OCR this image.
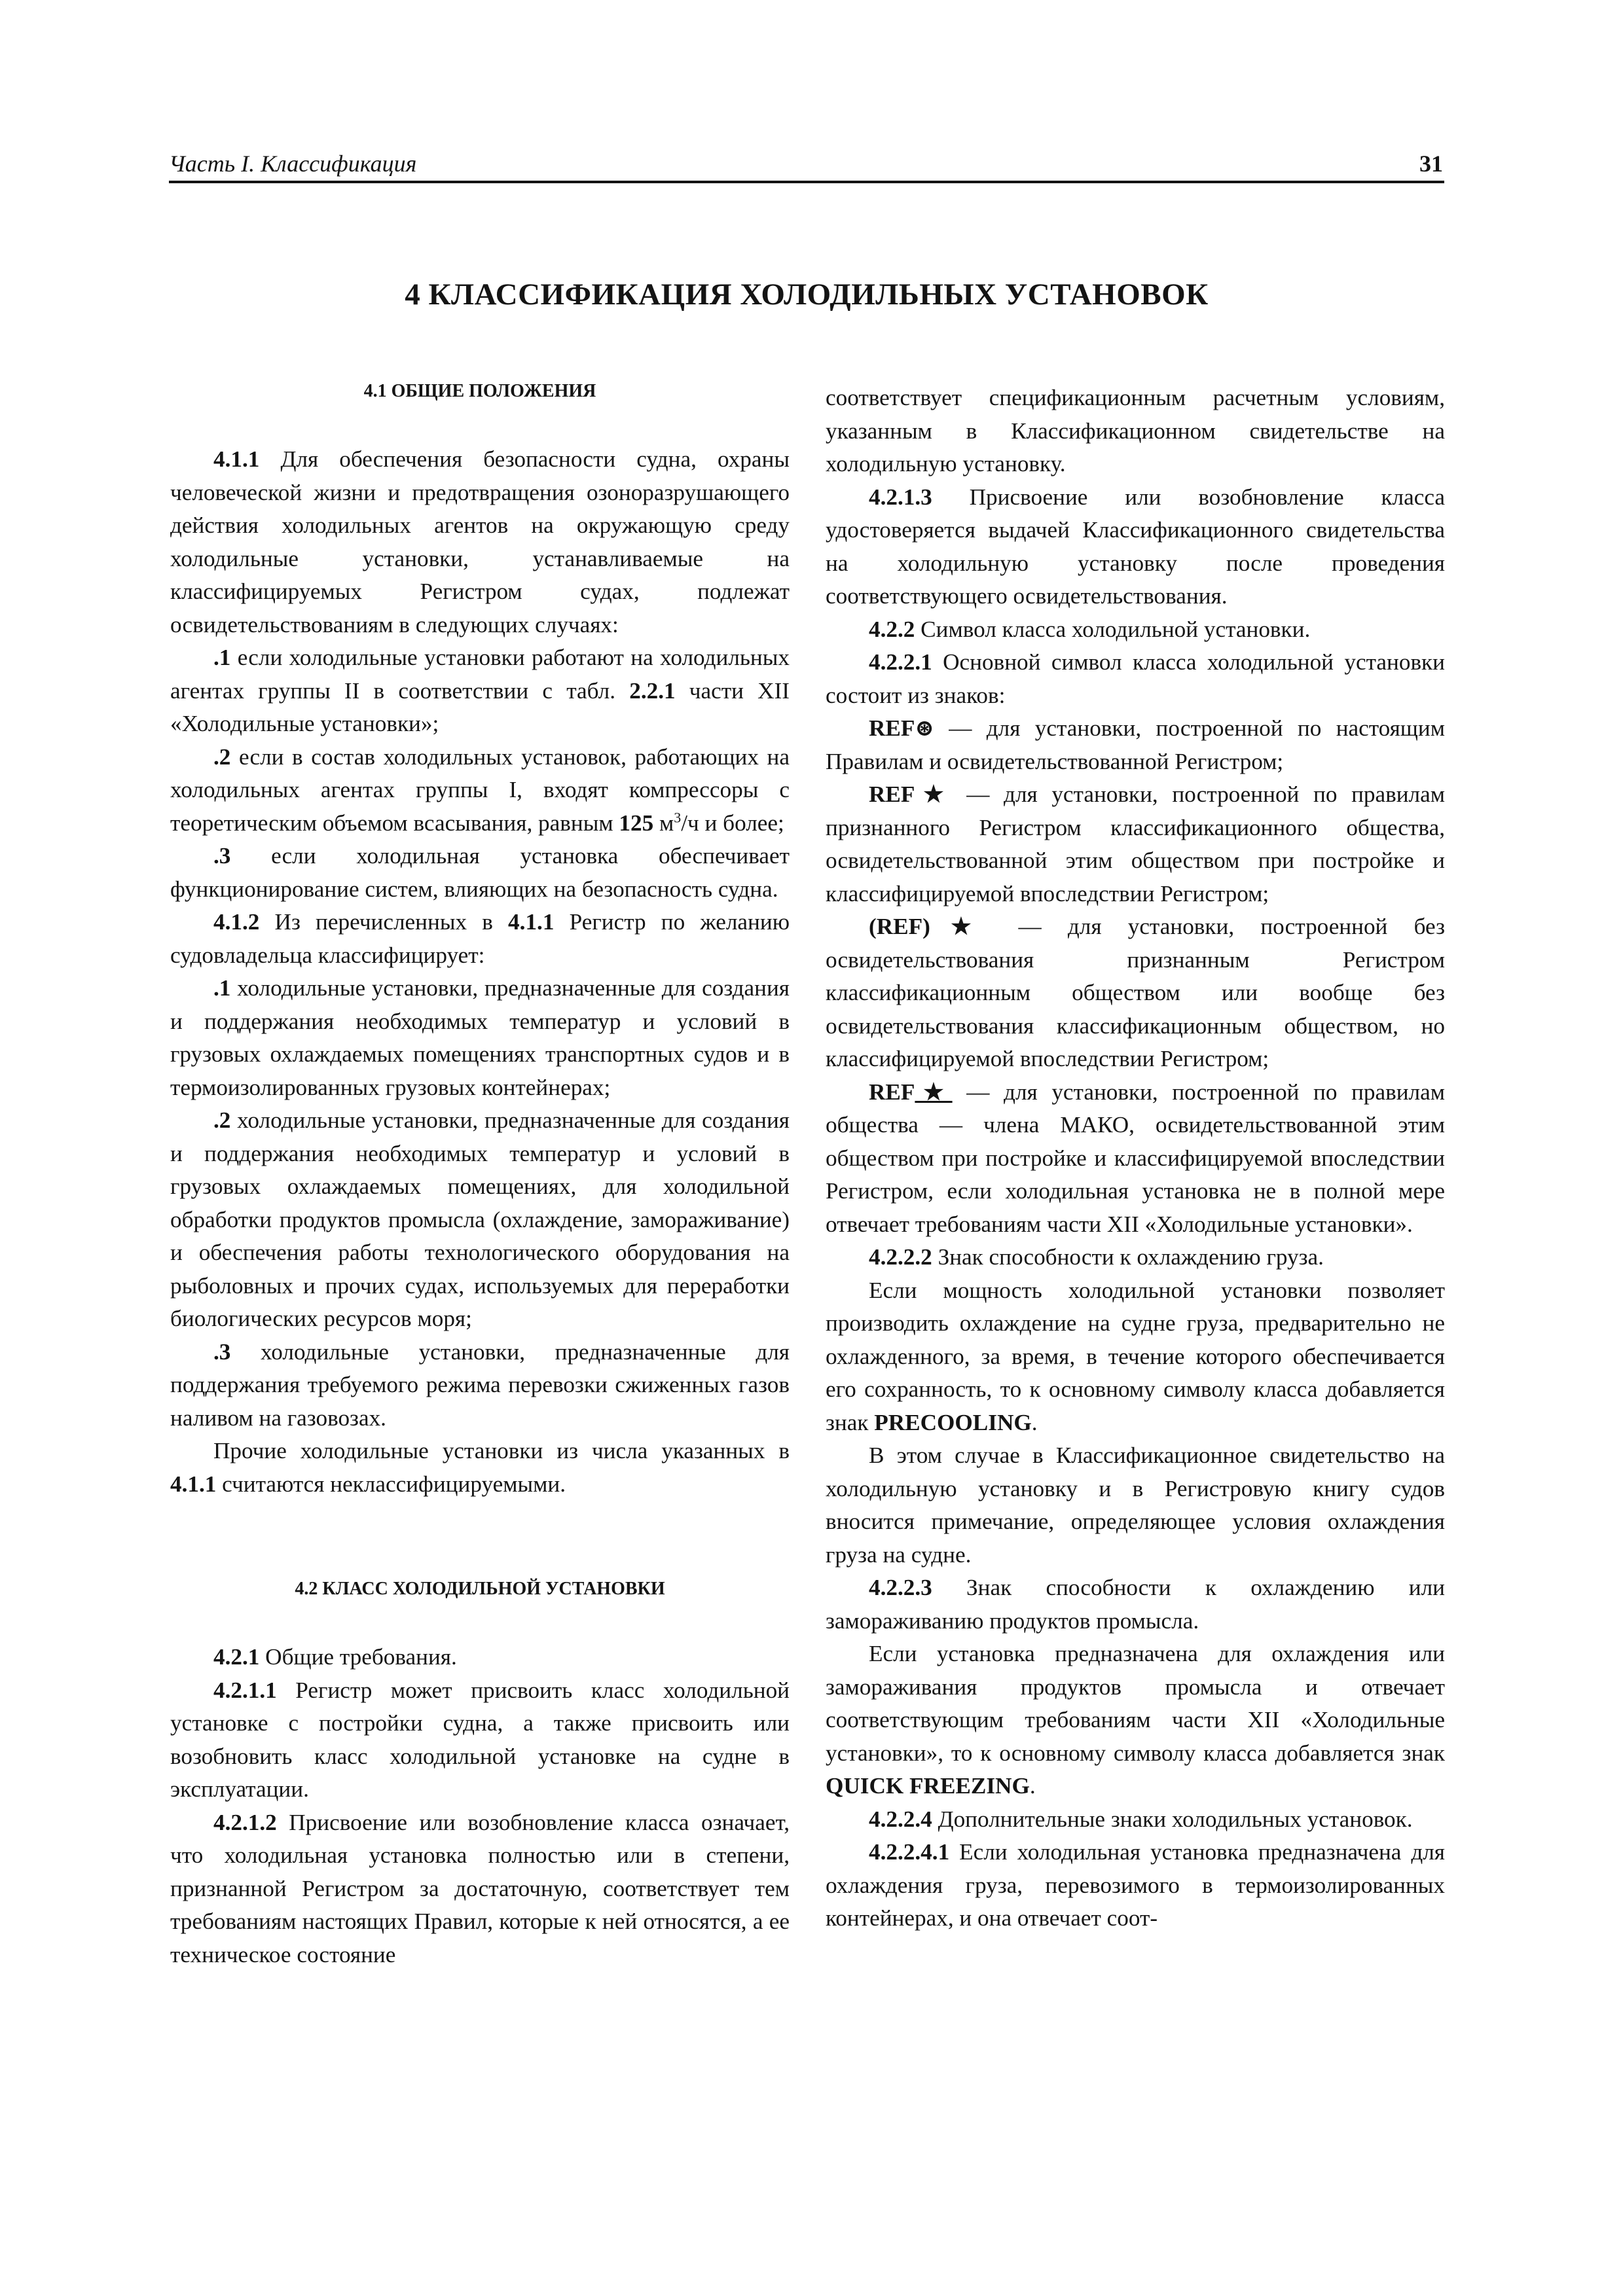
Часть I. Классификация	31
4 КЛАССИФИКАЦИЯ ХОЛОДИЛЬНЫХ УСТАНОВОК
4.1 ОБЩИЕ ПОЛОЖЕНИЯ

4.1.1 Для обеспечения безопасности судна, охраны человеческой жизни и предотвращения озоноразрушающего действия холодильных агентов на окружающую среду холодильные установки, устанавливаемые на классифицируемых Регистром судах, подлежат освидетельствованиям в следующих случаях:

.1 если холодильные установки работают на холодильных агентах группы II в соответствии с табл. 2.2.1 части XII «Холодильные установки»;

.2 если в состав холодильных установок, работающих на холодильных агентах группы I, входят компрессоры с теоретическим объемом всасывания, равным 125 $м^3/ч$ и более;

.3 если холодильная установка обеспечивает функционирование систем, влияющих на безопасность судна.

4.1.2 Из перечисленных в 4.1.1 Регистр по желанию судовладельца классифицирует:

.1 холодильные установки, предназначенные для создания и поддержания необходимых температур и условий в грузовых охлаждаемых помещениях транспортных судов и в термоизолированных грузовых контейнерах;

.2 холодильные установки, предназначенные для создания и поддержания необходимых температур и условий в грузовых охлаждаемых помещениях, для холодильной обработки продуктов промысла (охлаждение, замораживание) и обеспечения работы технологического оборудования на рыболовных и прочих судах, используемых для переработки биологических ресурсов моря;

.3 холодильные установки, предназначенные для поддержания требуемого режима перевозки сжиженных газов наливом на газовозах.

Прочие холодильные установки из числа указанных в 4.1.1 считаются неклассифицируемыми.

4.2 КЛАСС ХОЛОДИЛЬНОЙ УСТАНОВКИ

4.2.1 Общие требования.

4.2.1.1 Регистр может присвоить класс холодильной установке с постройки судна, а также присвоить или возобновить класс холодильной установке на судне в эксплуатации.

4.2.1.2 Присвоение или возобновление класса означает, что холодильная установка полностью или в степени, признанной Регистром за достаточную, соответствует тем требованиям настоящих Правил, которые к ней относятся, а ее техническое состояние

соответствует спецификационным расчетным условиям, указанным в Классификационном свидетельстве на холодильную установку.

4.2.1.3 Присвоение или возобновление класса удостоверяется выдачей Классификационного свидетельства на холодильную установку после проведения соответствующего освидетельствования.

4.2.2 Символ класса холодильной установки.

4.2.2.1 Основной символ класса холодильной установки состоит из знаков:

REF⊛ — для установки, построенной по настоящим Правилам и освидетельствованной Регистром;

REF★ — для установки, построенной по правилам признанного Регистром классификационного общества, освидетельствованной этим обществом при постройке и классифицируемой впоследствии Регистром;

(REF)★ — для установки, построенной без освидетельствования признанным Регистром классификационным обществом или вообще без освидетельствования классификационным обществом, но классифицируемой впоследствии Регистром;

REF★ — для установки, построенной по правилам общества — члена МАКО, освидетельствованной этим обществом при постройке и классифицируемой впоследствии Регистром, если холодильная установка не в полной мере отвечает требованиям части XII «Холодильные установки».

4.2.2.2 Знак способности к охлаждению груза.

Если мощность холодильной установки позволяет производить охлаждение на судне груза, предварительно не охлажденного, за время, в течение которого обеспечивается его сохранность, то к основному символу класса добавляется знак PRECOOLING.

В этом случае в Классификационное свидетельство на холодильную установку и в Регистровую книгу судов вносится примечание, определяющее условия охлаждения груза на судне.

4.2.2.3 Знак способности к охлаждению или замораживанию продуктов промысла.

Если установка предназначена для охлаждения или замораживания продуктов промысла и отвечает соответствующим требованиям части XII «Холодильные установки», то к основному символу класса добавляется знак QUICK FREEZING.

4.2.2.4 Дополнительные знаки холодильных установок.

4.2.2.4.1 Если холодильная установка предназначена для охлаждения груза, перевозимого в термоизолированных контейнерах, и она отвечает соот-
